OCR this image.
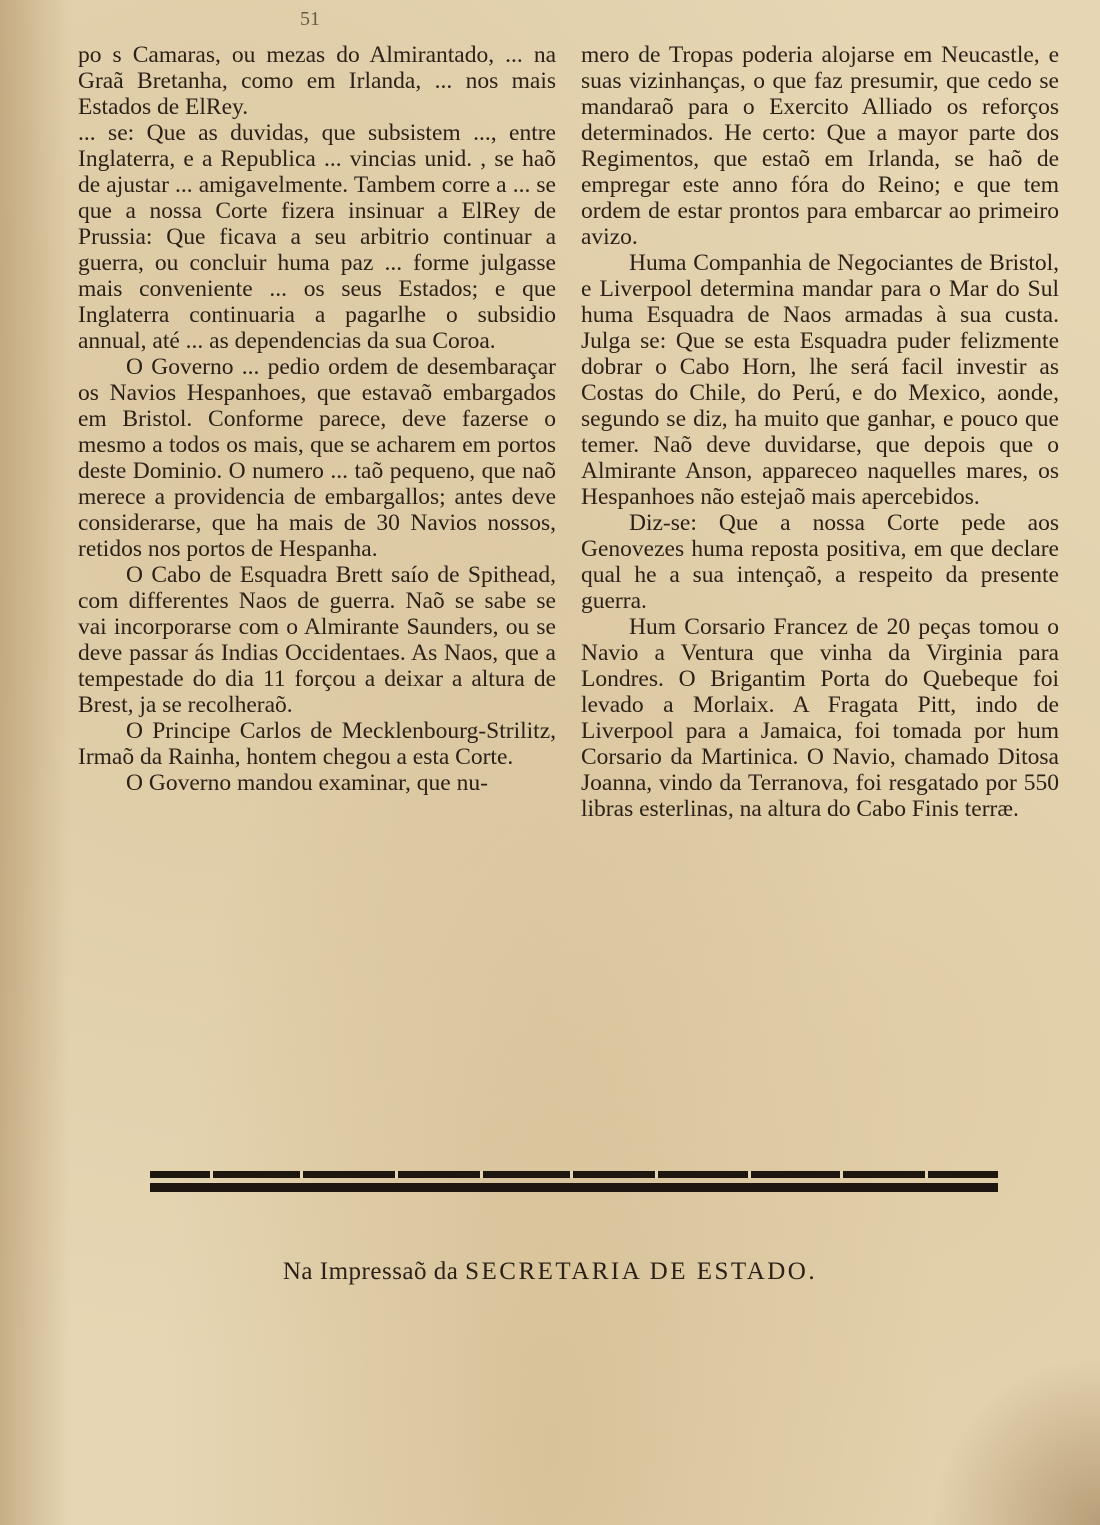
51

po s Camaras, ou mezas do Almirantado, ... na Graã Bretanha, como em Irlanda, ... nos mais Estados de ElRey.

... se: Que as duvidas, que subsistem ..., entre Inglaterra, e a Republica ... vincias unid. , se haõ de ajustar ... amigavelmente. Tambem corre a ... se que a nossa Corte fizera insinuar a ElRey de Prussia: Que ficava a seu arbitrio continuar a guerra, ou concluir huma paz ... forme julgasse mais conveniente ... os seus Estados; e que Inglaterra continuaria a pagarlhe o subsidio annual, até ... as dependencias da sua Coroa.

O Governo ... pedio ordem de desembaraçar os Navios Hespanhoes, que estavaõ embargados em Bristol. Conforme parece, deve fazerse o mesmo a todos os mais, que se acharem em portos deste Dominio. O numero ... taõ pequeno, que naõ merece a providencia de embargallos; antes deve considerarse, que ha mais de 30 Navios nossos, retidos nos portos de Hespanha.

O Cabo de Esquadra Brett saío de Spithead, com differentes Naos de guerra. Naõ se sabe se vai incorporarse com o Almirante Saunders, ou se deve passar ás Indias Occidentaes. As Naos, que a tempestade do dia 11 forçou a deixar a altura de Brest, ja se recolheraõ.

O Principe Carlos de Mecklenbourg-Strilitz, Irmaõ da Rainha, hontem chegou a esta Corte.

O Governo mandou examinar, que nu-

mero de Tropas poderia alojarse em Neucastle, e suas vizinhanças, o que faz presumir, que cedo se mandaraõ para o Exercito Alliado os reforços determinados. He certo: Que a mayor parte dos Regimentos, que estaõ em Irlanda, se haõ de empregar este anno fóra do Reino; e que tem ordem de estar prontos para embarcar ao primeiro avizo.

Huma Companhia de Negociantes de Bristol, e Liverpool determina mandar para o Mar do Sul huma Esquadra de Naos armadas à sua custa. Julga se: Que se esta Esquadra puder felizmente dobrar o Cabo Horn, lhe será facil investir as Costas do Chile, do Perú, e do Mexico, aonde, segundo se diz, ha muito que ganhar, e pouco que temer. Naõ deve duvidarse, que depois que o Almirante Anson, appareceo naquelles mares, os Hespanhoes não estejaõ mais apercebidos.

Diz-se: Que a nossa Corte pede aos Genovezes huma reposta positiva, em que declare qual he a sua intençaõ, a respeito da presente guerra.

Hum Corsario Francez de 20 peças tomou o Navio a Ventura que vinha da Virginia para Londres. O Brigantim Porta do Quebeque foi levado a Morlaix. A Fragata Pitt, indo de Liverpool para a Jamaica, foi tomada por hum Corsario da Martinica. O Navio, chamado Ditosa Joanna, vindo da Terranova, foi resgatado por 550 libras esterlinas, na altura do Cabo Finis terræ.

Na Impressaõ da SECRETARIA DE ESTADO.
